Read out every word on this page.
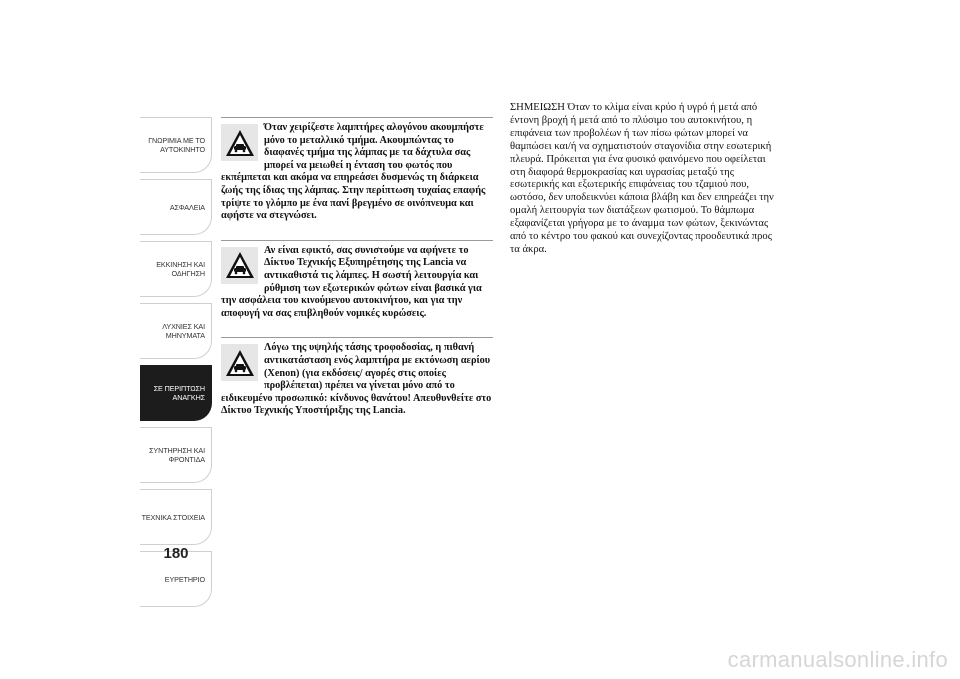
ΓΝΩΡΙΜΙΑ ΜΕ ΤΟ
ΑΥΤΟΚΙΝΗΤΟ
ΑΣΦΑΛΕΙΑ
ΕΚΚΙΝΗΣΗ ΚΑΙ
ΟΔΗΓΗΣΗ
ΛΥΧΝΙΕΣ ΚΑΙ
ΜΗΝΥΜΑΤΑ
ΣΕ ΠΕΡΙΠΤΩΣΗ
ΑΝΑΓΚΗΣ
ΣΥΝΤΗΡΗΣΗ ΚΑΙ
ΦΡΟΝΤΙΔΑ
ΤΕΧΝΙΚΑ ΣΤΟΙΧΕΙΑ
ΕΥΡΕΤΗΡΙΟ
180

Όταν χειρίζεστε λαμπτήρες αλογόνου ακουμπήστε μόνο το μεταλλικό τμήμα. Ακουμπώντας το διαφανές τμήμα της λάμπας με τα δάχτυλα σας μπορεί να μειωθεί η ένταση του φωτός που εκπέμπεται και ακόμα να επηρεάσει δυσμενώς τη διάρκεια ζωής της ίδιας της λάμπας. Στην περίπτωση τυχαίας επαφής τρίψτε το γλόμπο με ένα πανί βρεγμένο σε οινόπνευμα και αφήστε να στεγνώσει.

Αν είναι εφικτό, σας συνιστούμε να αφήνετε το Δίκτυο Τεχνικής Εξυπηρέτησης της Lancia να αντικαθιστά τις λάμπες. Η σωστή λειτουργία και ρύθμιση των εξωτερικών φώτων είναι βασικά για την ασφάλεια του κινούμενου αυτοκινήτου, και για την αποφυγή να σας επιβληθούν νομικές κυρώσεις.

Λόγω της υψηλής τάσης τροφοδοσίας, η πιθανή αντικατάσταση ενός λαμπτήρα με εκτόνωση αερίου (Xenon) (για εκδόσεις/ αγορές στις οποίες προβλέπεται) πρέπει να γίνεται μόνο από το ειδικευμένο προσωπικό: κίνδυνος θανάτου! Απευθυνθείτε στο Δίκτυο Τεχνικής Υποστήριξης της Lancia.

ΣΗΜΕΙΩΣΗ Όταν το κλίμα είναι κρύο ή υγρό ή μετά από έντονη βροχή ή μετά από το πλύσιμο του αυτοκινήτου, η επιφάνεια των προβολέων ή των πίσω φώτων μπορεί να θαμπώσει και/ή να σχηματιστούν σταγονίδια στην εσωτερική πλευρά. Πρόκειται για ένα φυσικό φαινόμενο που οφείλεται στη διαφορά θερμοκρασίας και υγρασίας μεταξύ της εσωτερικής και εξωτερικής επιφάνειας του τζαμιού που, ωστόσο, δεν υποδεικνύει κάποια βλάβη και δεν επηρεάζει την ομαλή λειτουργία των διατάξεων φωτισμού. Το θάμπωμα εξαφανίζεται γρήγορα με το άναμμα των φώτων, ξεκινώντας από το κέντρο του φακού και συνεχίζοντας προοδευτικά προς τα άκρα.

carmanualsonline.info
